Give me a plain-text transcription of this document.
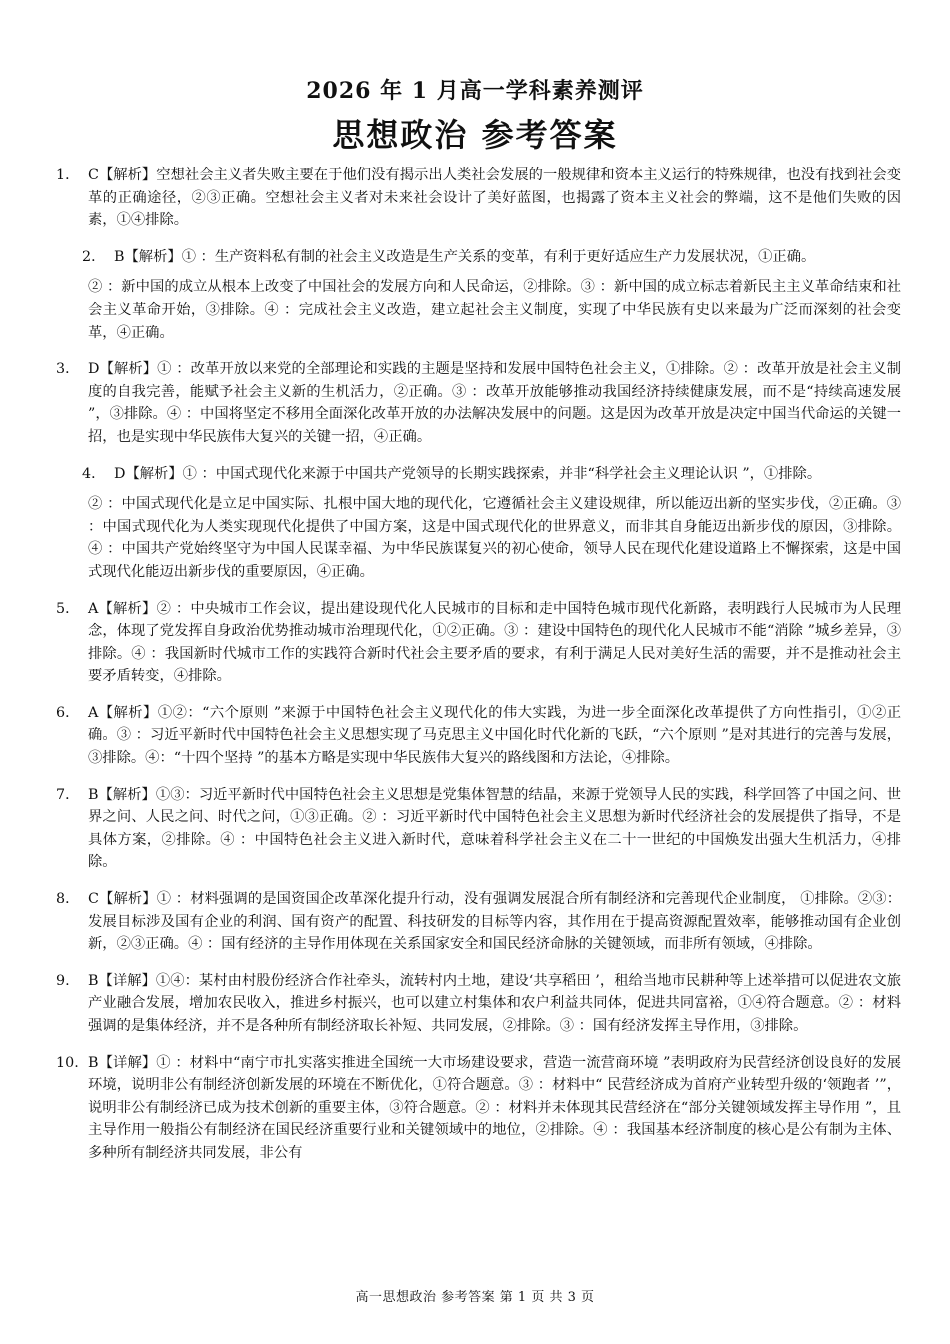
2026 年 1 月高一学科素养测评
思想政治 参考答案
1． C【解析】空想社会主义者失败主要在于他们没有揭示出人类社会发展的一般规律和资本主义运行的特殊规律，也没有找到社会变革的正确途径，②③正确。空想社会主义者对未来社会设计了美好蓝图，也揭露了资本主义社会的弊端，这不是他们失败的因素，①④排除。
2． B【解析】① ：生产资料私有制的社会主义改造是生产关系的变革，有利于更好适应生产力发展状况，①正确。
② ：新中国的成立从根本上改变了中国社会的发展方向和人民命运，②排除。③ ：新中国的成立标志着新民主主义革命结束和社会主义革命开始，③排除。④ ：完成社会主义改造，建立起社会主义制度，实现了中华民族有史以来最为广泛而深刻的社会变革，④正确。
3． D【解析】① ：改革开放以来党的全部理论和实践的主题是坚持和发展中国特色社会主义，①排除。② ：改革开放是社会主义制度的自我完善，能赋予社会主义新的生机活力，②正确。③ ：改革开放能够推动我国经济持续健康发展，而不是“持续高速发展 ”，③排除。④ ：中国将坚定不移用全面深化改革开放的办法解决发展中的问题。这是因为改革开放是决定中国当代命运的关键一招，也是实现中华民族伟大复兴的关键一招，④正确。
4． D【解析】① ：中国式现代化来源于中国共产党领导的长期实践探索，并非“科学社会主义理论认识 ”，①排除。
② ：中国式现代化是立足中国实际、扎根中国大地的现代化，它遵循社会主义建设规律，所以能迈出新的坚实步伐，②正确。③ ：中国式现代化为人类实现现代化提供了中国方案，这是中国式现代化的世界意义，而非其自身能迈出新步伐的原因，③排除。④ ：中国共产党始终坚守为中国人民谋幸福、为中华民族谋复兴的初心使命，领导人民在现代化建设道路上不懈探索，这是中国式现代化能迈出新步伐的重要原因，④正确。
5． A【解析】② ：中央城市工作会议，提出建设现代化人民城市的目标和走中国特色城市现代化新路，表明践行人民城市为人民理念，体现了党发挥自身政治优势推动城市治理现代化，①②正确。③ ：建设中国特色的现代化人民城市不能“消除 ”城乡差异，③排除。④ ：我国新时代城市工作的实践符合新时代社会主要矛盾的要求，有利于满足人民对美好生活的需要，并不是推动社会主要矛盾转变，④排除。
6． A【解析】①②：“六个原则 ”来源于中国特色社会主义现代化的伟大实践，为进一步全面深化改革提供了方向性指引，①②正确。③ ：习近平新时代中国特色社会主义思想实现了马克思主义中国化时代化新的飞跃，“六个原则 ”是对其进行的完善与发展，③排除。④：“十四个坚持 ”的基本方略是实现中华民族伟大复兴的路线图和方法论，④排除。
7． B【解析】①③：习近平新时代中国特色社会主义思想是党集体智慧的结晶，来源于党领导人民的实践，科学回答了中国之问、世界之问、人民之问、时代之问，①③正确。② ：习近平新时代中国特色社会主义思想为新时代经济社会的发展提供了指导，不是具体方案，②排除。④ ：中国特色社会主义进入新时代，意味着科学社会主义在二十一世纪的中国焕发出强大生机活力，④排除。
8． C【解析】① ：材料强调的是国资国企改革深化提升行动，没有强调发展混合所有制经济和完善现代企业制度， ①排除。②③：发展目标涉及国有企业的利润、国有资产的配置、科技研发的目标等内容，其作用在于提高资源配置效率，能够推动国有企业创新，②③正确。④ ：国有经济的主导作用体现在关系国家安全和国民经济命脉的关键领域，而非所有领域，④排除。
9.	B【详解】①④：某村由村股份经济合作社牵头，流转村内土地，建设‘共享稻田 ’，租给当地市民耕种等上述举措可以促进农文旅产业融合发展，增加农民收入，推进乡村振兴，也可以建立村集体和农户利益共同体，促进共同富裕，①④符合题意。② ：材料强调的是集体经济，并不是各种所有制经济取长补短、共同发展，②排除。③ ：国有经济发挥主导作用，③排除。
10. B【详解】① ：材料中“南宁市扎实落实推进全国统一大市场建设要求，营造一流营商环境 ”表明政府为民营经济创设良好的发展环境，说明非公有制经济创新发展的环境在不断优化，①符合题意。③ ：材料中“ 民营经济成为首府产业转型升级的‘领跑者 ’”，说明非公有制经济已成为技术创新的重要主体，③符合题意。② ：材料并未体现其民营经济在“部分关键领域发挥主导作用 ”，且主导作用一般指公有制经济在国民经济重要行业和关键领域中的地位，②排除。④ ：我国基本经济制度的核心是公有制为主体、多种所有制经济共同发展，非公有
高一思想政治 参考答案 第 1 页 共 3 页
